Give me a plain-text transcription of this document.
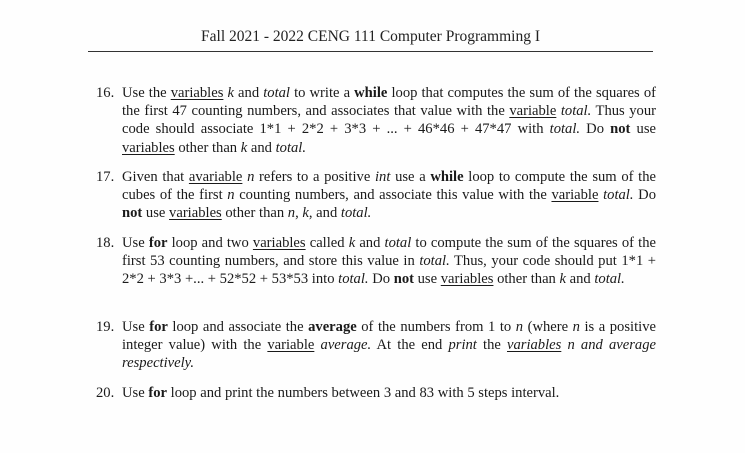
Fall 2021 - 2022 CENG 111 Computer Programming I
16. Use the variables k and total to write a while loop that computes the sum of the squares of the first 47 counting numbers, and associates that value with the variable total. Thus your code should associate 1*1 + 2*2 + 3*3 + ... + 46*46 + 47*47 with total. Do not use variables other than k and total.
17. Given that avariable n refers to a positive int use a while loop to compute the sum of the cubes of the first n counting numbers, and associate this value with the variable total. Do not use variables other than n, k, and total.
18. Use for loop and two variables called k and total to compute the sum of the squares of the first 53 counting numbers, and store this value in total. Thus, your code should put 1*1 + 2*2 + 3*3 +... + 52*52 + 53*53 into total. Do not use variables other than k and total.
19. Use for loop and associate the average of the numbers from 1 to n (where n is a positive integer value) with the variable average. At the end print the variables n and average respectively.
20. Use for loop and print the numbers between 3 and 83 with 5 steps interval.
